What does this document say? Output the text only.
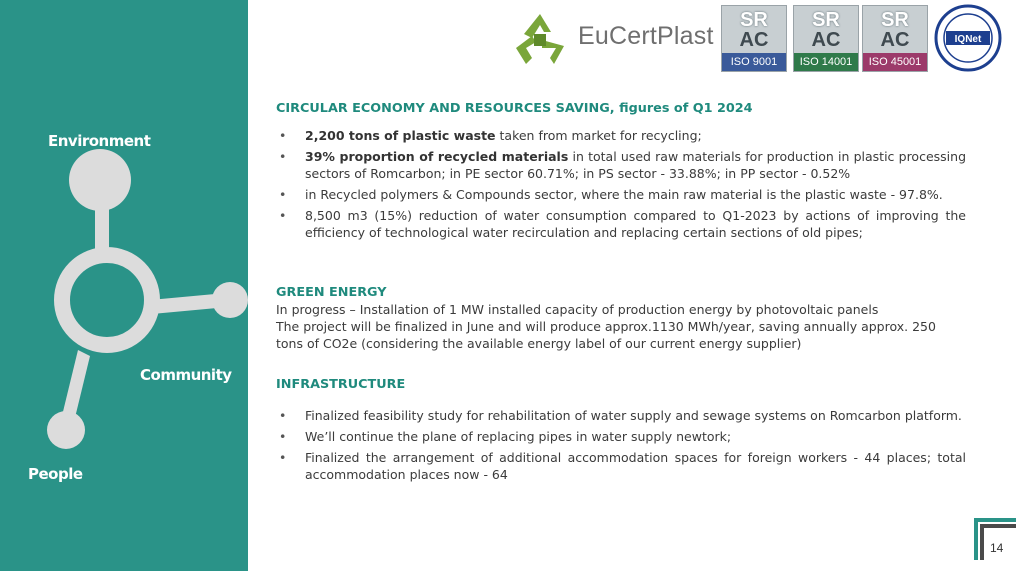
Environment

Community

People

EuCertPlast
SR
AC
ISO 9001
SR
AC
ISO 14001
SR
AC
ISO 45001
IQNet

CIRCULAR ECONOMY AND RESOURCES SAVING, figures of Q1 2024

• 2,200 tons of plastic waste taken from market for recycling;
• 39% proportion of recycled materials in total used raw materials for production in plastic processing sectors of Romcarbon; in PE sector 60.71%; in PS sector - 33.88%; in PP sector - 0.52%
• in Recycled polymers & Compounds sector, where the main raw material is the plastic waste - 97.8%.
• 8,500 m3 (15%) reduction of water consumption compared to Q1-2023 by actions of improving the efficiency of technological water recirculation and replacing certain sections of old pipes;

GREEN ENERGY

In progress – Installation of 1 MW installed capacity of production energy by photovoltaic panels

The project will be finalized in June and will produce approx.1130 MWh/year, saving annually approx. 250 tons of CO2e (considering the available energy label of our current energy supplier)

INFRASTRUCTURE

• Finalized feasibility study for rehabilitation of water supply and sewage systems on Romcarbon platform.
• We’ll continue the plane of replacing pipes in water supply newtork;
• Finalized the arrangement of additional accommodation spaces for foreign workers - 44 places; total accommodation places now - 64
14
